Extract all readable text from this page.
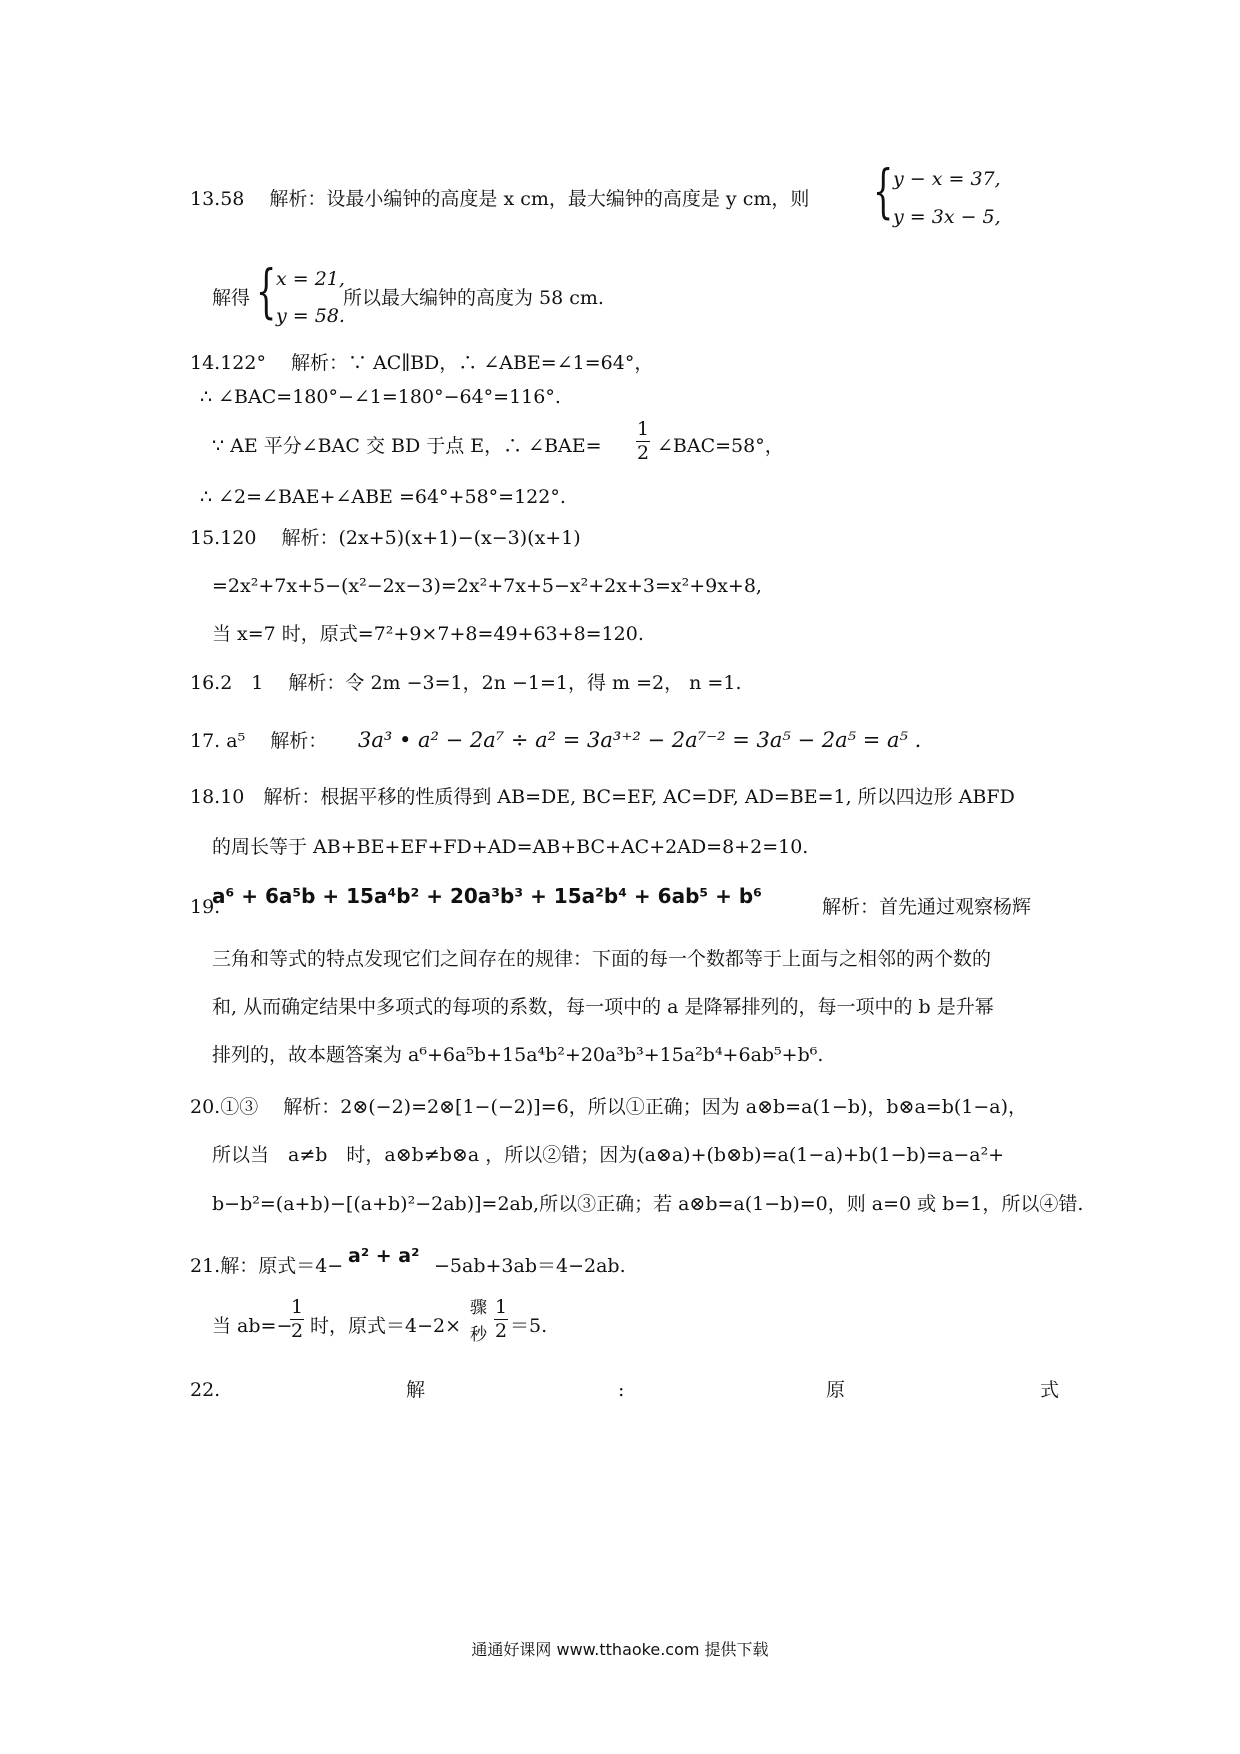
13.58　 解析：设最小编钟的高度是 x cm，最大编钟的高度是 y cm，则 { y − x = 37,
y = 3x − 5,
解得 { x = 21,
y = 58.
所以最大编钟的高度为 58 cm.
14.122°　 解析：∵ AC∥BD，∴ ∠ABE=∠1=64°，
∴ ∠BAC=180°−∠1=180°−64°=116°.
∵ AE 平分∠BAC 交 BD 于点 E，∴ ∠BAE=
1
2 ∠BAC=58°，
∴ ∠2=∠BAE+∠ABE =64°+58°=122°.
15.120　 解析：(2x+5)(x+1)−(x−3)(x+1)
=2x²+7x+5−(x²−2x−3)=2x²+7x+5−x²+2x+3=x²+9x+8,
当 x=7 时，原式=7²+9×7+8=49+63+8=120.
16.2　1　 解析：令 2m −3=1，2n −1=1，得 m =2， n =1.
17. a⁵　 解析： 3a³ • a² − 2a⁷ ÷ a² = 3a³⁺² − 2a⁷⁻² = 3a⁵ − 2a⁵ = a⁵ .
18.10　解析：根据平移的性质得到 AB=DE, BC=EF, AC=DF, AD=BE=1, 所以四边形 ABFD
的周长等于 AB+BE+EF+FD+AD=AB+BC+AC+2AD=8+2=10.
19.
a⁶ + 6a⁵b + 15a⁴b² + 20a³b³ + 15a²b⁴ + 6ab⁵ + b⁶	解析：首先通过观察杨辉
三角和等式的特点发现它们之间存在的规律：下面的每一个数都等于上面与之相邻的两个数的
和, 从而确定结果中多项式的每项的系数，每一项中的 a 是降幂排列的，每一项中的 b 是升幂
排列的，故本题答案为 a⁶+6a⁵b+15a⁴b²+20a³b³+15a²b⁴+6ab⁵+b⁶.
20.①③　 解析：2⊗(−2)=2⊗[1−(−2)]=6，所以①正确；因为 a⊗b=a(1−b)，b⊗a=b(1−a)，
所以当　a≠b　时，a⊗b≠b⊗a ，所以②错；因为(a⊗a)+(b⊗b)=a(1−a)+b(1−b)=a−a²+
b−b²=(a+b)−[(a+b)²−2ab)]=2ab,所以③正确；若 a⊗b=a(1−b)=0，则 a=0 或 b=1，所以④错.
21.解：原式＝4− a² + a² −5ab+3ab＝4−2ab.
当 ab=−
1
2 时，原式＝4−2×
骤
秒
1
2 ＝5.
22.	解	:	原	式
通通好课网 www.tthaoke.com 提供下载
